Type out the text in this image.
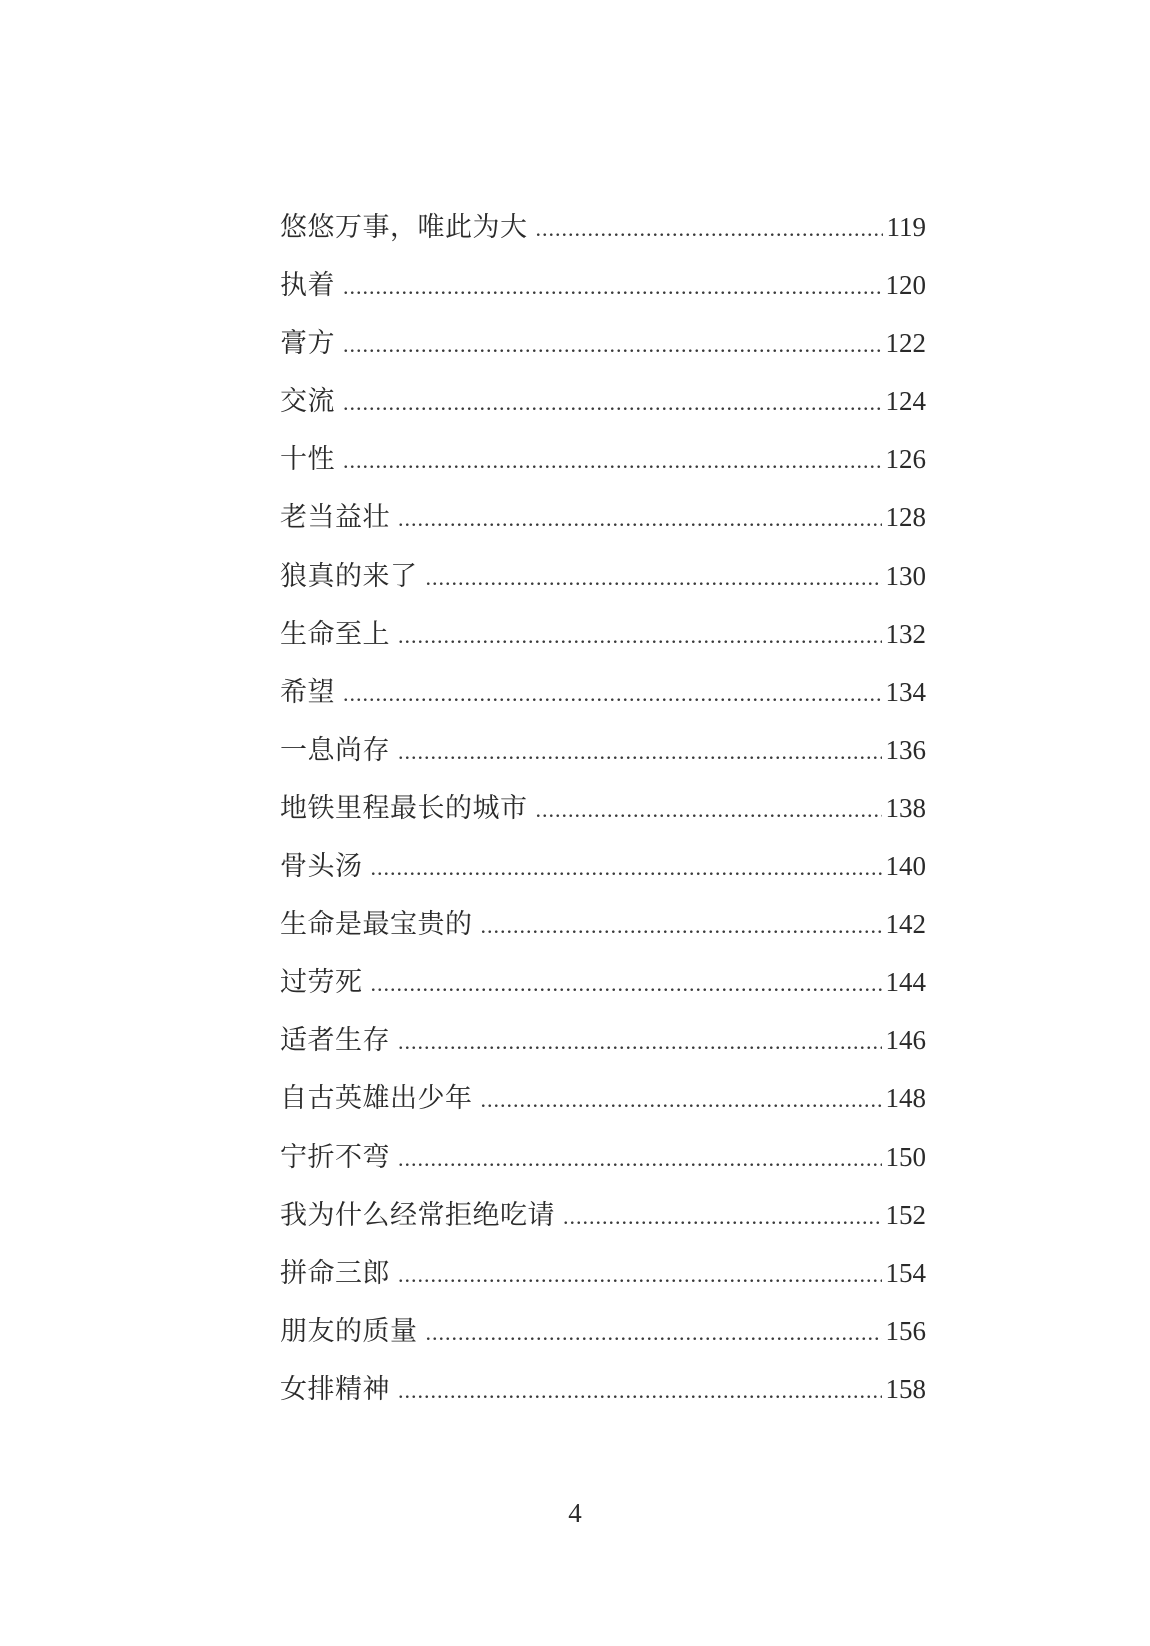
悠悠万事，唯此为大 .....	119
执着 .....	120
膏方 .....	122
交流 .....	124
十性 .....	126
老当益壮 .....	128
狼真的来了 .....	130
生命至上 .....	132
希望 .....	134
一息尚存 .....	136
地铁里程最长的城市 .....	138
骨头汤 .....	140
生命是最宝贵的 .....	142
过劳死 .....	144
适者生存 .....	146
自古英雄出少年 .....	148
宁折不弯 .....	150
我为什么经常拒绝吃请 .....	152
拼命三郎 .....	154
朋友的质量 .....	156
女排精神 .....	158
4
